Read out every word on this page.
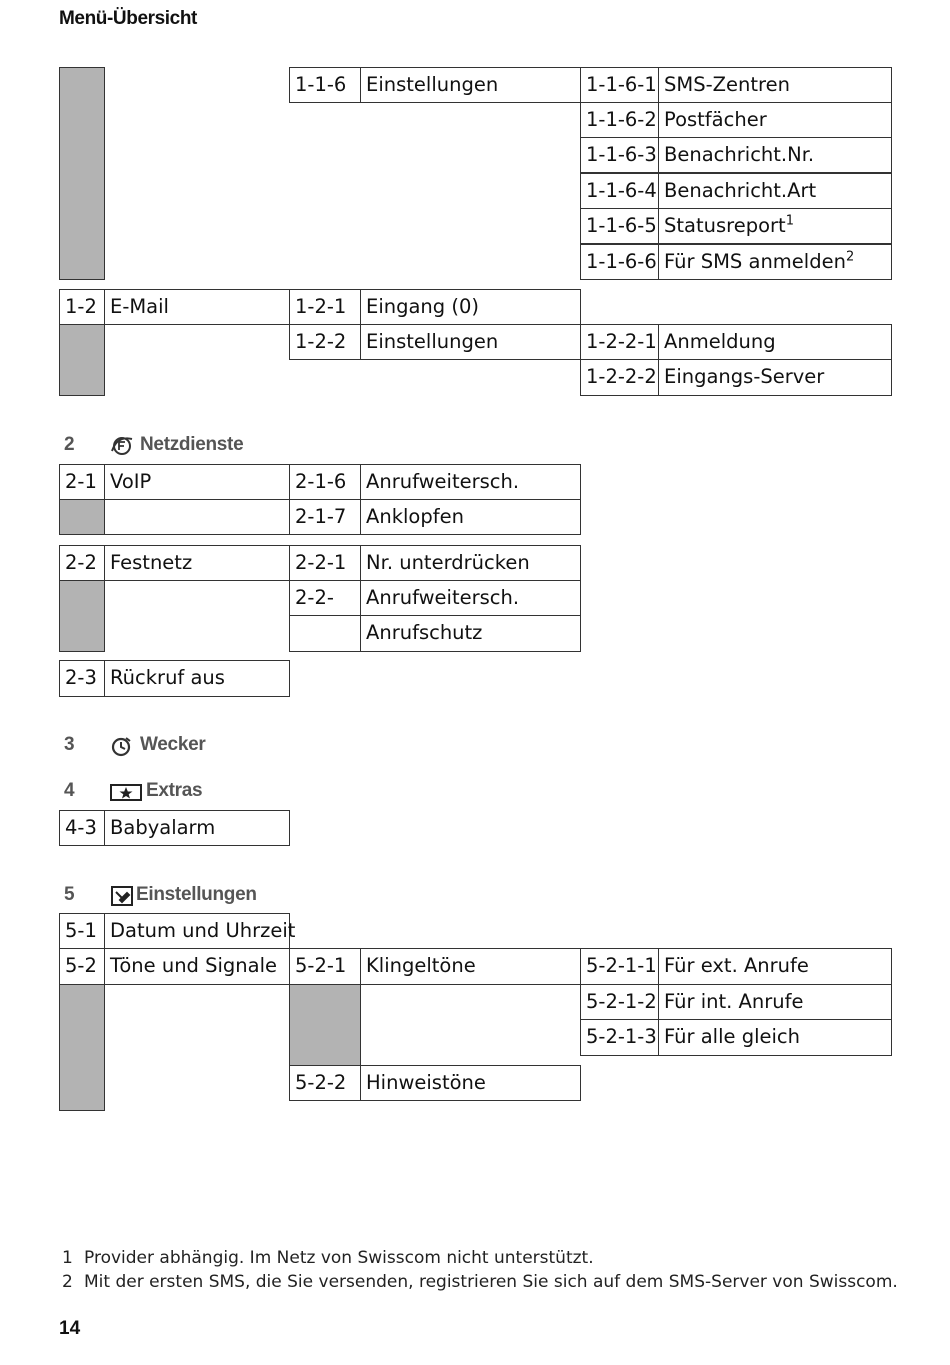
Menü-Übersicht
1-1-6	Einstellungen	1-1-6-1 SMS-Zentren
1-1-6-2 Postfächer
1-1-6-3 Benachricht.Nr.
1-1-6-4 Benachricht.Art
1-1-6-5 Statusreport$^1$
1-1-6-6 Für SMS anmelden$^2$
1-2 E-Mail	1-2-1	Eingang (0)
1-2-2	Einstellungen	1-2-2-1 Anmeldung
1-2-2-2 Eingangs-Server
2	Netzdienste
2-1 VoIP	2-1-6	Anrufweitersch.
2-1-7	Anklopfen
2-2 Festnetz	2-2-1	Nr. unterdrücken
2-2-	Anrufweitersch.
Anrufschutz
2-3 Rückruf aus
3	Wecker
4	Extras
4-3 Babyalarm
5	Einstellungen
5-1 Datum und Uhrzeit
5-2 Töne und Signale 5-2-1	Klingeltöne	5-2-1-1 Für ext. Anrufe
5-2-1-2 Für int. Anrufe
5-2-1-3 Für alle gleich
5-2-2	Hinweistöne
1 Provider abhängig. Im Netz von Swisscom nicht unterstützt.
2 Mit der ersten SMS, die Sie versenden, registrieren Sie sich auf dem SMS-Server von Swisscom.
14
